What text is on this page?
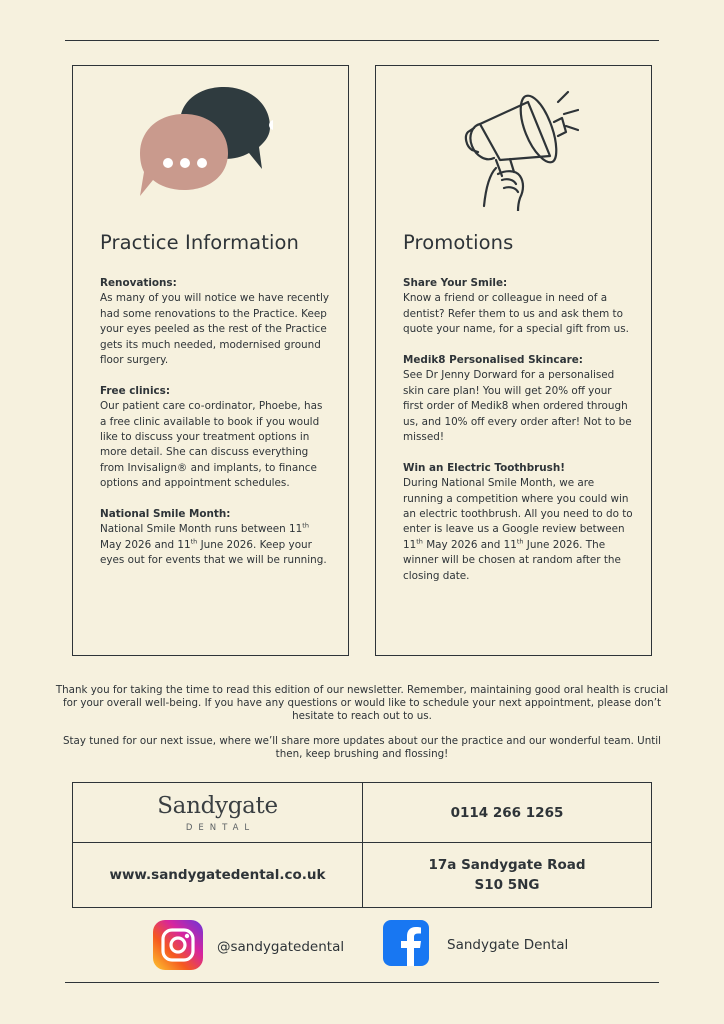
Practice Information
Renovations:
As many of you will notice we have recently had some renovations to the Practice. Keep your eyes peeled as the rest of the Practice gets its much needed, modernised ground floor surgery.
Free clinics:
Our patient care co-ordinator, Phoebe, has a free clinic available to book if you would like to discuss your treatment options in more detail. She can discuss everything from Invisalign® and implants, to finance options and appointment schedules.
National Smile Month:
National Smile Month runs between 11th May 2026 and 11th June 2026. Keep your eyes out for events that we will be running.
Promotions
Share Your Smile:
Know a friend or colleague in need of a dentist? Refer them to us and ask them to quote your name, for a special gift from us.
Medik8 Personalised Skincare:
See Dr Jenny Dorward for a personalised skin care plan! You will get 20% off your first order of Medik8 when ordered through us, and 10% off every order after! Not to be missed!
Win an Electric Toothbrush!
During National Smile Month, we are running a competition where you could win an electric toothbrush. All you need to do to enter is leave us a Google review between 11th May 2026 and 11th June 2026. The winner will be chosen at random after the closing date.

Thank you for taking the time to read this edition of our newsletter. Remember, maintaining good oral health is crucial for your overall well-being. If you have any questions or would like to schedule your next appointment, please don’t hesitate to reach out to us.

Stay tuned for our next issue, where we’ll share more updates about our the practice and our wonderful team. Until then, keep brushing and flossing!

Sandygate
DENTAL
0114 266 1265
www.sandygatedental.co.uk
17a Sandygate Road
S10 5NG
@sandygatedental	Sandygate Dental
